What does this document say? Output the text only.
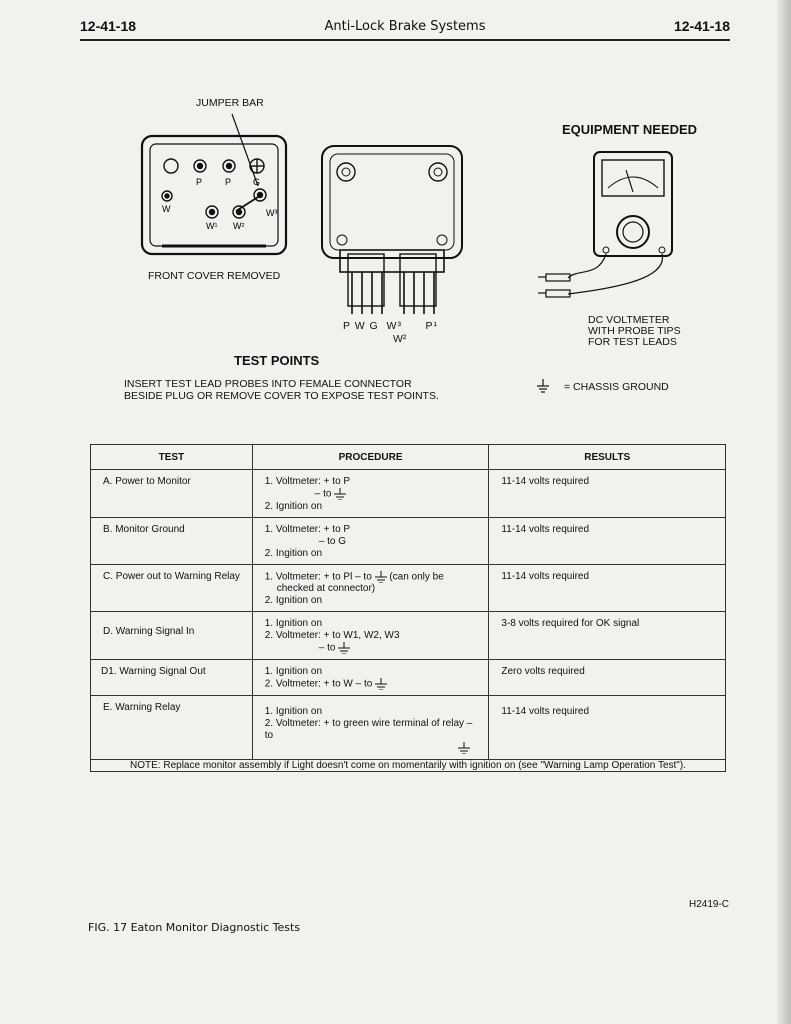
12-41-18	Anti-Lock Brake Systems	12-41-18
JUMPER BAR
P	P G
W
W¹ W²
W³
FRONT COVER REMOVED
P W G  W³      P¹
W²
EQUIPMENT NEEDED
DC VOLTMETER
WITH PROBE TIPS
FOR TEST LEADS
TEST POINTS
INSERT TEST LEAD PROBES INTO FEMALE CONNECTOR
BESIDE PLUG OR REMOVE COVER TO EXPOSE TEST POINTS.
= CHASSIS GROUND
TEST	PROCEDURE	RESULTS

A. Power to Monitor	1. Voltmeter: + to P
– to
2. Ignition on	11-14 volts required

B. Monitor Ground	1. Voltmeter: + to P
– to G
2. Ingition on	11-14 volts required

C. Power out to Warning Relay	1. Voltmeter: + to Pl – to (can only be
checked at connector)
2. Ignition on	11-14 volts required

D. Warning Signal In	1. Ignition on
2. Voltmeter: + to W1, W2, W3
– to	3-8 volts required for OK signal

D1. Warning Signal Out	1. Ignition on
2. Voltmeter: + to W – to	Zero volts required

E. Warning Relay	1. Ignition on
2. Voltmeter: + to green wire terminal of relay – to	11-14 volts required

NOTE: Replace monitor assembly if Light doesn't come on momentarily with ignition on (see "Warning Lamp Operation Test").		
H2419-C
FIG. 17 Eaton Monitor Diagnostic Tests
